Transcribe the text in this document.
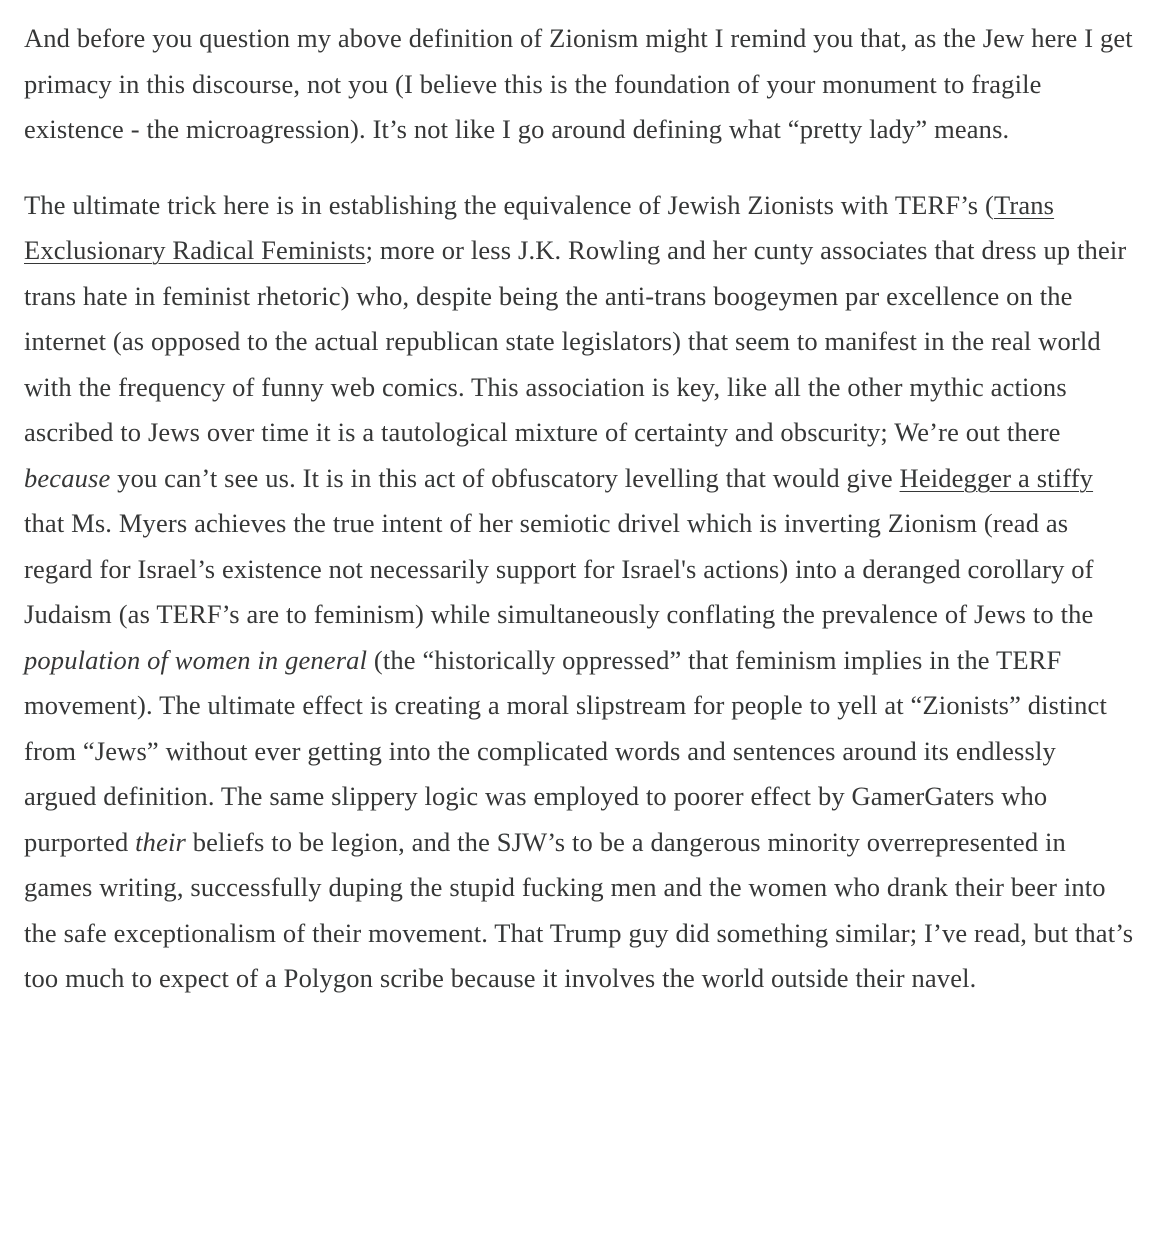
And before you question my above definition of Zionism might I remind you that, as the Jew here I get primacy in this discourse, not you (I believe this is the foundation of your monument to fragile existence - the microagression). It’s not like I go around defining what “pretty lady” means.

The ultimate trick here is in establishing the equivalence of Jewish Zionists with TERF’s (Trans Exclusionary Radical Feminists; more or less J.K. Rowling and her cunty associates that dress up their trans hate in feminist rhetoric) who, despite being the anti-trans boogeymen par excellence on the internet (as opposed to the actual republican state legislators) that seem to manifest in the real world with the frequency of funny web comics. This association is key, like all the other mythic actions ascribed to Jews over time it is a tautological mixture of certainty and obscurity; We’re out there because you can’t see us. It is in this act of obfuscatory levelling that would give Heidegger a stiffy that Ms. Myers achieves the true intent of her semiotic drivel which is inverting Zionism (read as regard for Israel’s existence not necessarily support for Israel's actions) into a deranged corollary of Judaism (as TERF’s are to feminism) while simultaneously conflating the prevalence of Jews to the population of women in general (the “historically oppressed” that feminism implies in the TERF movement). The ultimate effect is creating a moral slipstream for people to yell at “Zionists” distinct from “Jews” without ever getting into the complicated words and sentences around its endlessly argued definition. The same slippery logic was employed to poorer effect by GamerGaters who purported their beliefs to be legion, and the SJW’s to be a dangerous minority overrepresented in games writing, successfully duping the stupid fucking men and the women who drank their beer into the safe exceptionalism of their movement. That Trump guy did something similar; I’ve read, but that’s too much to expect of a Polygon scribe because it involves the world outside their navel.
